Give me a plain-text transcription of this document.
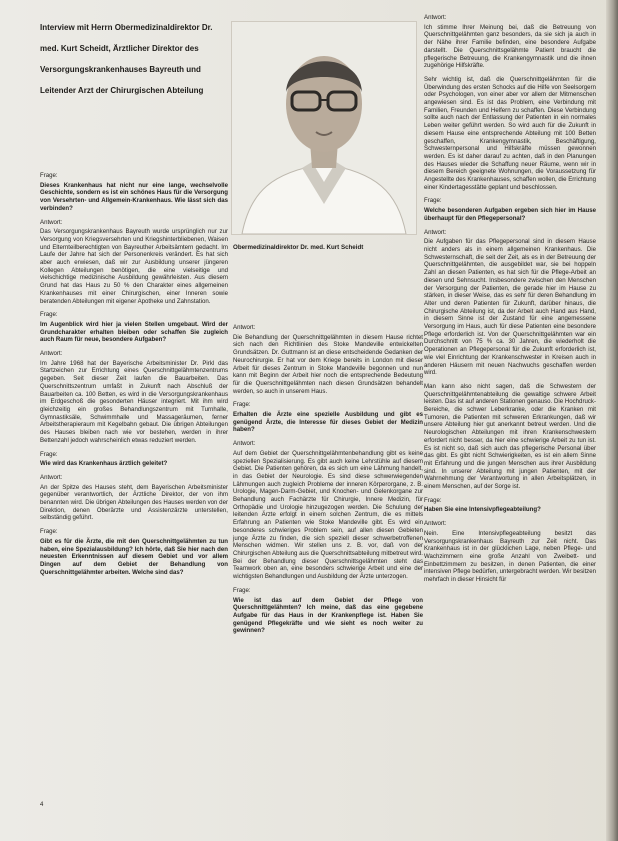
Interview mit Herrn Obermedizinaldirektor Dr. med. Kurt Scheidt, Ärztlicher Direktor des Versorgungskrankenhauses Bayreuth und Leitender Arzt der Chirurgischen Abteilung

Obermedizinaldirektor Dr. med. Kurt Scheidt

Frage:

Dieses Krankenhaus hat nicht nur eine lange, wechselvolle Geschichte, sondern es ist ein schönes Haus für die Versorgung von Versehrten- und Allgemein-Krankenhaus. Wie lässt sich das verbinden?

Antwort:

Das Versorgungskrankenhaus Bayreuth wurde ursprünglich nur zur Versorgung von Kriegsversehrten und Kriegshinterbliebenen, Waisen und Elternteilberechtigten von Bayreuther Arbeitsämtern gedacht. Im Laufe der Jahre hat sich der Personenkreis verändert. Es hat sich aber auch erwiesen, daß wir zur Ausbildung unserer jüngeren Kollegen Abteilungen benötigen, die eine vielseitige und vielschichtige medizinische Ausbildung gewährleisten. Aus diesem Grund hat das Haus zu 50 % den Charakter eines allgemeinen Krankenhauses mit einer Chirurgischen, einer Inneren sowie beratenden Abteilungen mit eigener Apotheke und Zahnstation.

Frage:

Im Augenblick wird hier ja vielen Stellen umgebaut. Wird der Grundcharakter erhalten bleiben oder schaffen Sie zugleich auch Raum für neue, besondere Aufgaben?

Antwort:

Im Jahre 1968 hat der Bayerische Arbeitsminister Dr. Pirkl das Startzeichen zur Errichtung eines Querschnittgelähmtenzentrums gegeben. Seit dieser Zeit laufen die Bauarbeiten. Das Querschnittszentrum umfaßt in Zukunft nach Abschluß der Bauarbeiten ca. 100 Betten, es wird in die Versorgungskrankenhaus im Erdgeschoß die gesonderten Häuser integriert. Mit ihm wird gleichzeitig ein großes Behandlungszentrum mit Turnhalle, Gymnastiksäle, Schwimmhalle und Massageräumen, ferner Arbeitstherapieraum mit Kegelbahn gebaut. Die übrigen Abteilungen des Hauses bleiben nach wie vor bestehen, werden in ihrer Bettenzahl jedoch wahrscheinlich etwas reduziert werden.

Frage:

Wie wird das Krankenhaus ärztlich geleitet?

Antwort:

An der Spitze des Hauses steht, dem Bayerischen Arbeitsminister gegenüber verantwortlich, der Ärztliche Direktor, der von ihm benannten wird. Die übrigen Abteilungen des Hauses werden von der Direktion, denen Oberärzte und Assistenzärzte unterstellen, selbständig geführt.

Frage:

Gibt es für die Ärzte, die mit den Querschnittgelähmten zu tun haben, eine Spezialausbildung? Ich hörte, daß Sie hier nach den neuesten Erkenntnissen auf diesem Gebiet und vor allem Dingen auf dem Gebiet der Behandlung von Querschnittgelähmter arbeiten. Welche sind das?

Antwort:

Die Behandlung der Querschnittgelähmten in diesem Hause richtet sich nach den Richtlinien des Stoke Mandeville entwickelten Grundsätzen. Dr. Guttmann ist an diese entscheidende Gedanken der Neurochirurgie. Er hat vor dem Kriege bereits in London mit dieser Arbeit für dieses Zentrum in Stoke Mandeville begonnen und nun kann mit Beginn der Arbeit hier noch die entsprechende Bedeutung für die Querschnittgelähmten nach diesen Grundsätzen behandelt werden, so auch in unserem Haus.

Frage:

Erhalten die Ärzte eine spezielle Ausbildung und gibt es genügend Ärzte, die Interesse für dieses Gebiet der Medizin haben?

Antwort:

Auf dem Gebiet der Querschnittgelähmtenbehandlung gibt es keine speziellen Spezialisierung. Es gibt auch keine Lehrstühle auf diesem Gebiet. Die Patienten gehören, da es sich um eine Lähmung handelt, in das Gebiet der Neurologie. Es sind diese schwerwiegenden Lähmungen auch zugleich Probleme der inneren Körperorgane, z. B. Urologie, Magen-Darm-Gebiet, und Knochen- und Gelenkorgane zur Behandlung auch Fachärzte für Chirurgie, Innere Medizin, für Orthopädie und Urologie hinzugezogen werden. Die Schulung der leitenden Ärzte erfolgt in einem solchen Zentrum, die es mittels Erfahrung an Patienten wie Stoke Mandeville gibt. Es wird ein besonderes schwieriges Problem sein, auf allen diesen Gebieten junge Ärzte zu finden, die sich speziell dieser schwerbetroffenen Menschen widmen. Wir stellen uns z. B. vor, daß von der Chirurgischen Abteilung aus die Querschnittsabteilung mitbetreut wird. Bei der Behandlung dieser Querschnittsgelähmten steht das Teamwork oben an, eine besonders schwierige Arbeit und eine der wichtigsten Behandlungen und Ausbildung der Ärzte unterzogen.

Frage:

Wie ist das auf dem Gebiet der Pflege von Querschnittgelähmten? Ich meine, daß das eine gegebene Aufgabe für das Haus in der Krankenpflege ist. Haben Sie genügend Pflegekräfte und wie sieht es noch weiter zu gewinnen?

Antwort:

Ich stimme Ihrer Meinung bei, daß die Betreuung von Querschnittgelähmten ganz besonders, da sie sich ja auch in der Nähe ihrer Familie befinden, eine besondere Aufgabe darstellt. Die Querschnittsgelähmte Patient braucht die pflegerische Betreuung, die Krankengymnastik und die ihnen zugehörige Hilfskräfte.

Sehr wichtig ist, daß die Querschnittgelähmten für die Überwindung des ersten Schocks auf die Hilfe von Seelsorgern oder Psychologen, von einer aber vor allem der Mitmenschen angewiesen sind. Es ist das Problem, eine Verbindung mit Familien, Freunden und Helfern zu schaffen. Diese Verbindung sollte auch nach der Entlassung der Patienten in ein normales Leben weiter geführt werden. So wird auch für die Zukunft in diesem Hause eine entsprechende Abteilung mit 100 Betten geschaffen, Krankengymnastik, Beschäftigung, Schwesternpersonal und Hilfskräfte müssen gewonnen werden. Es ist daher darauf zu achten, daß in den Planungen des Hauses wieder die Schaffung neuer Räume, wenn wir in diesem Bereich geeignete Wohnungen, die Voraussetzung für Angestellte des Krankenhauses, schaffen wollen, die Errichtung einer Kindertagesstätte geplant und beschlossen.

Frage:

Welche besonderen Aufgaben ergeben sich hier im Hause überhaupt für den Pflegepersonal?

Antwort:

Die Aufgaben für das Pflegepersonal sind in diesem Hause nicht anders als in einem allgemeinen Krankenhaus. Die Schwesternschaft, die seit der Zeit, als es in der Betreuung der Querschnittgelähmten, die ausgebildet war, sie bei hoppeln Zahl an diesen Patienten, es hat sich für die Pflege-Arbeit an diesen und Sehnsucht. Insbesondere zwischen den Menschen der Versorgung der Patienten, die gerade hier im Hause zu stärken, in dieser Weise, das es sehr für deren Behandlung im Alter und deren Patienten für Zukunft, darüber hinaus, die Chirurgische Abteilung ist, da der Arbeit auch Hand aus Hand, in diesem Sinne ist der Zustand für eine angemessene Versorgung im Haus, auch für diese Patienten eine besondere Pflege erforderlich ist. Von der Querschnittgelähmten war ein Durchschnitt von 75 % ca. 30 Jahren, die wiederholt die Operationen an Pflegepersonal für die Zukunft erforderlich ist, wie viel Einrichtung der Krankenschwester in Kreisen auch in anderen Häusern mit neuen Nachwuchs geschaffen werden wird.

Man kann also nicht sagen, daß die Schwestern der Querschnittgelähmtenabteilung die gewaltige schwere Arbeit leisten. Das ist auf anderen Stationen genauso. Die Hochdruck-Bereiche, die schwer Leberkranke, oder die Kranken mit Tumoren, die Patienten mit schweren Erkrankungen, daß wir unsere Abteilung hier gut anerkannt betreut werden. Und die Neurologischen Abteilungen mit ihren Krankenschwestern erfordert nicht besser, da hier eine schwierige Arbeit zu tun ist. Es ist nicht so, daß sich auch das pflegerische Personal über das gibt. Es gibt nicht Schwierigkeiten, es ist ein allem Sinne mit Erfahrung und die jungen Menschen aus ihrer Ausbildung sind. In unserer Abteilung mit jungen Patienten, mit der Wahrnehmung der Verantwortung in allen Arbeitsplätzen, in einem Menschen, auf der Sorge ist.

Frage:

Haben Sie eine Intensivpflegeabteilung?

Antwort:

Nein. Eine Intensivpflegeabteilung besitzt das Versorgungskrankenhaus Bayreuth zur Zeit nicht. Das Krankenhaus ist in der glücklichen Lage, neben Pflege- und Wachzimmern eine große Anzahl von Zweibett- und Einbettzimmern zu besitzen, in denen Patienten, die einer intensiven Pflege bedürfen, untergebracht werden. Wir besitzen mehrfach in dieser Hinsicht für

4
